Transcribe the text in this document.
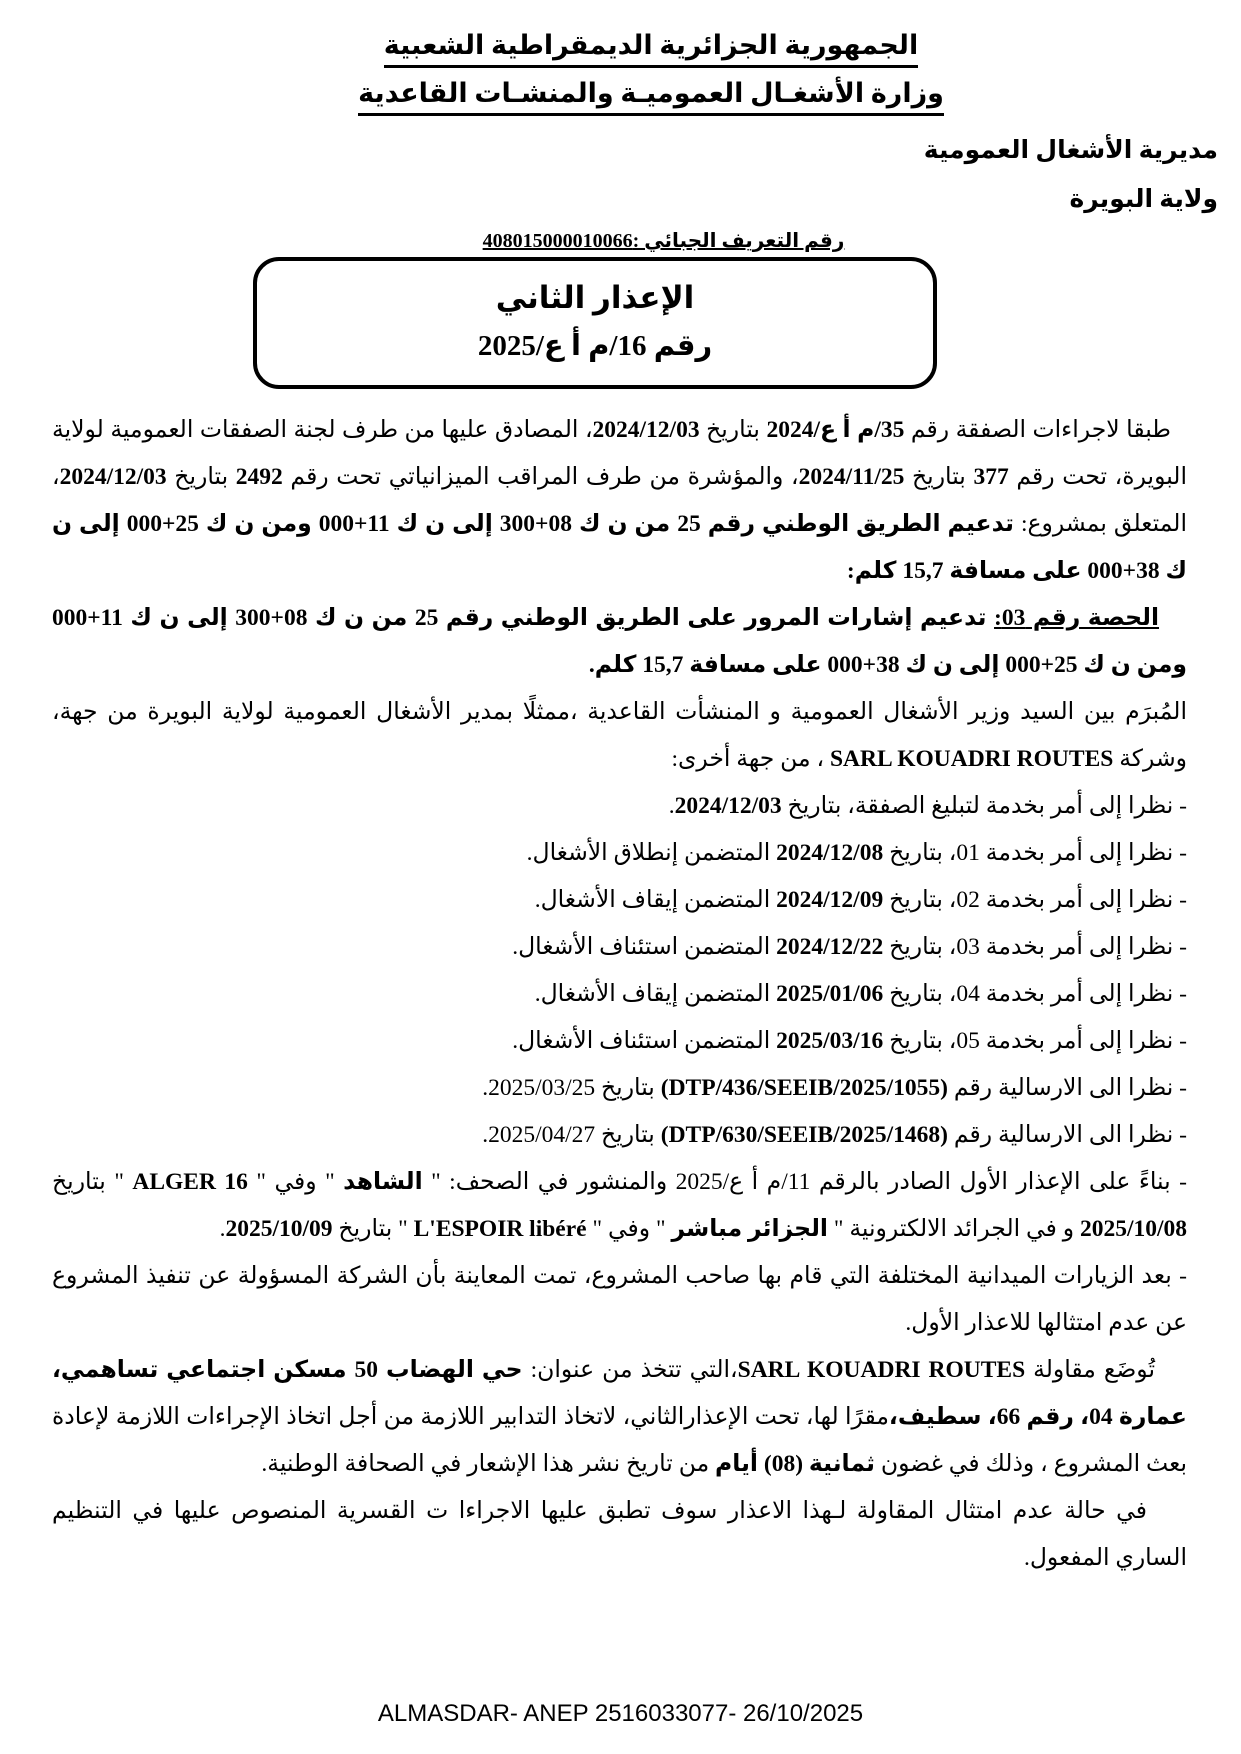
الجمهورية الجزائرية الديمقراطية الشعبية
وزارة الأشغـال العموميـة والمنشـات القاعدية
مديرية الأشغال العمومية
ولاية البويرة
رقم التعريف الجبائي :408015000010066
الإعذار الثاني
رقم 16/م أ ع/2025

طبقا لاجراءات الصفقة رقم 35/م أ ع/2024 بتاريخ 2024/12/03، المصادق عليها من طرف لجنة الصفقات العمومية لولاية البويرة، تحت رقم 377 بتاريخ 2024/11/25، والمؤشرة من طرف المراقب الميزانياتي تحت رقم 2492 بتاريخ 2024/12/03، المتعلق بمشروع: تدعيم الطريق الوطني رقم 25 من ن ك 08+300 إلى ن ك 11+000 ومن ن ك 25+000 إلى ن ك 38+000 على مسافة 15,7 كلم:

الحصة رقم 03: تدعيم إشارات المرور على الطريق الوطني رقم 25 من ن ك 08+300 إلى ن ك 11+000 ومن ن ك 25+000 إلى ن ك 38+000 على مسافة 15,7 كلم.

المُبرَم بين السيد وزير الأشغال العمومية و المنشأت القاعدية ،ممثلًا بمدير الأشغال العمومية لولاية البويرة من جهة، وشركة SARL KOUADRI ROUTES ، من جهة أخرى:

- نظرا إلى أمر بخدمة لتبليغ الصفقة، بتاريخ 2024/12/03.

- نظرا إلى أمر بخدمة 01، بتاريخ 2024/12/08 المتضمن إنطلاق الأشغال.

- نظرا إلى أمر بخدمة 02، بتاريخ 2024/12/09 المتضمن إيقاف الأشغال.

- نظرا إلى أمر بخدمة 03، بتاريخ 2024/12/22 المتضمن استئناف الأشغال.

- نظرا إلى أمر بخدمة 04، بتاريخ 2025/01/06 المتضمن إيقاف الأشغال.

- نظرا إلى أمر بخدمة 05، بتاريخ 2025/03/16 المتضمن استئناف الأشغال.

- نظرا الى الارسالية رقم (1055/DTP/436/SEEIB/2025) بتاريخ 2025/03/25.

- نظرا الى الارسالية رقم (1468/DTP/630/SEEIB/2025) بتاريخ 2025/04/27.

- بناءً على الإعذار الأول الصادر بالرقم 11/م أ ع/2025 والمنشور في الصحف: " الشاهد " وفي " ALGER 16 " بتاريخ 2025/10/08 و في الجرائد الالكترونية " الجزائر مباشر " وفي " L'ESPOIR libéré " بتاريخ 2025/10/09.

- بعد الزيارات الميدانية المختلفة التي قام بها صاحب المشروع، تمت المعاينة بأن الشركة المسؤولة عن تنفيذ المشروع عن عدم امتثالها للاعذار الأول.

تُوضَع مقاولة SARL KOUADRI ROUTES،التي تتخذ من عنوان: حي الهضاب 50 مسكن اجتماعي تساهمي، عمارة 04، رقم 66، سطيف،مقرًا لها، تحت الإعذارالثاني، لاتخاذ التدابير اللازمة من أجل اتخاذ الإجراءات اللازمة لإعادة بعث المشروع ، وذلك في غضون ثمانية (08) أيام من تاريخ نشر هذا الإشعار في الصحافة الوطنية.

في حالة عدم امتثال المقاولة لـهذا الاعذار سوف تطبق عليها الاجراءا ت القسرية المنصوص عليها في التنظيم الساري المفعول.

ALMASDAR- ANEP 2516033077- 26/10/2025
